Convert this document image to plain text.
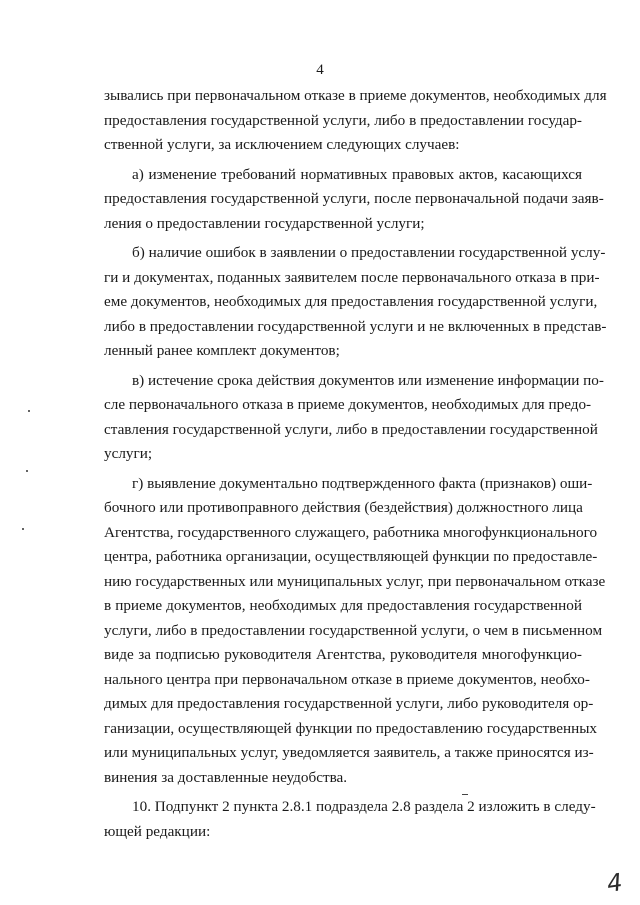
4
зывались при первоначальном отказе в приеме документов, необходимых для
предоставления государственной услуги, либо в предоставлении государ-
ственной услуги, за исключением следующих случаев:
а) изменение требований нормативных правовых актов, касающихся
предоставления государственной услуги, после первоначальной подачи заяв-
ления о предоставлении государственной услуги;
б) наличие ошибок в заявлении о предоставлении государственной услу-
ги и документах, поданных заявителем после первоначального отказа в при-
еме документов, необходимых для предоставления государственной услуги,
либо в предоставлении государственной услуги и не включенных в представ-
ленный ранее комплект документов;
в) истечение срока действия документов или изменение информации по-
сле первоначального отказа в приеме документов, необходимых для предо-
ставления государственной услуги, либо в предоставлении государственной
услуги;
г) выявление документально подтвержденного факта (признаков) оши-
бочного или противоправного действия (бездействия) должностного лица
Агентства, государственного служащего, работника многофункционального
центра, работника организации, осуществляющей функции по предоставле-
нию государственных или муниципальных услуг, при первоначальном отказе
в приеме документов, необходимых для предоставления государственной
услуги, либо в предоставлении государственной услуги, о чем в письменном
виде за подписью руководителя Агентства, руководителя многофункцио-
нального центра при первоначальном отказе в приеме документов, необхо-
димых для предоставления государственной услуги, либо руководителя ор-
ганизации, осуществляющей функции по предоставлению государственных
или муниципальных услуг, уведомляется заявитель, а также приносятся из-
винения за доставленные неудобства.
10. Подпункт 2 пункта 2.8.1 подраздела 2.8 раздела 2 изложить в следу-
ющей редакции:
4
